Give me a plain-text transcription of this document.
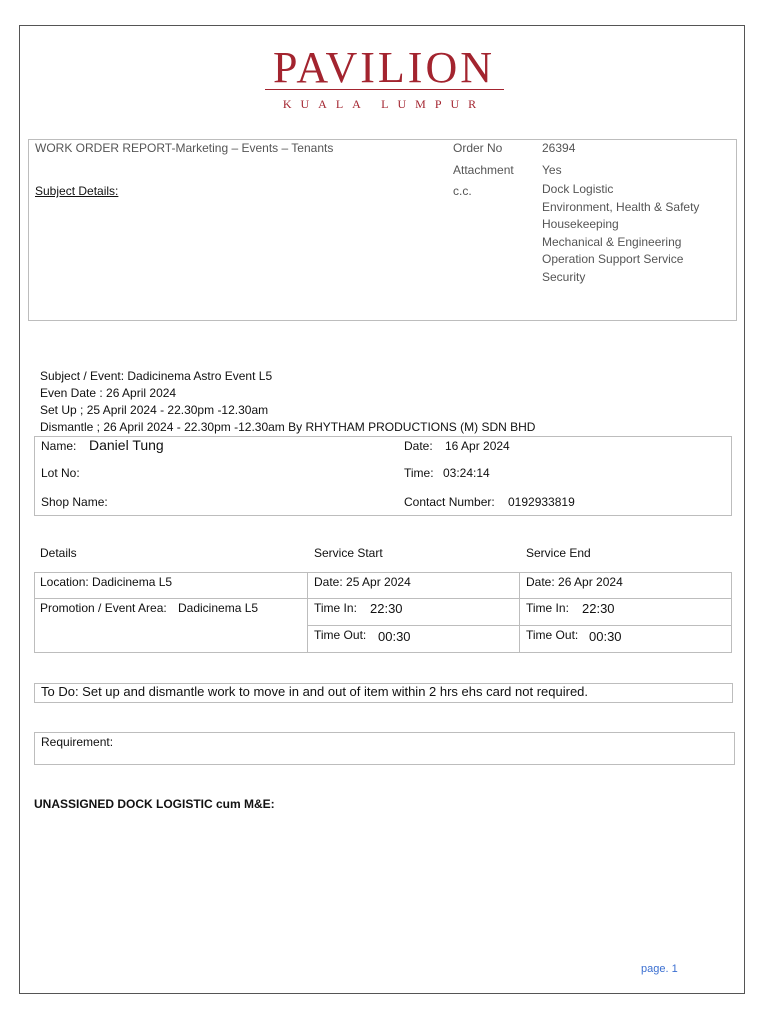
PAVILION
KUALA LUMPUR
WORK ORDER REPORT-Marketing – Events – Tenants
Subject Details:
Order No	26394
Attachment Yes
c.c.	Dock Logistic
Environment, Health & Safety
Housekeeping
Mechanical & Engineering
Operation Support Service
Security
Subject / Event: Dadicinema Astro Event L5
Even Date : 26 April 2024
Set Up ; 25 April 2024 - 22.30pm -12.30am
Dismantle ; 26 April 2024 - 22.30pm -12.30am By RHYTHAM PRODUCTIONS (M) SDN BHD
Name: Daniel Tung	Date: 16 Apr 2024
Lot No:	Time: 03:24:14
Shop Name:	Contact Number: 0192933819
Details	Service Start	Service End
Location: Dadicinema L5	Date: 25 Apr 2024	Date: 26 Apr 2024
Promotion / Event Area: Dadicinema L5	Time In: 22:30	Time In: 22:30
Time Out: 00:30	Time Out: 00:30
To Do: Set up and dismantle work to move in and out of item within 2 hrs ehs card not required.
Requirement:
UNASSIGNED DOCK LOGISTIC cum M&E:
page. 1
